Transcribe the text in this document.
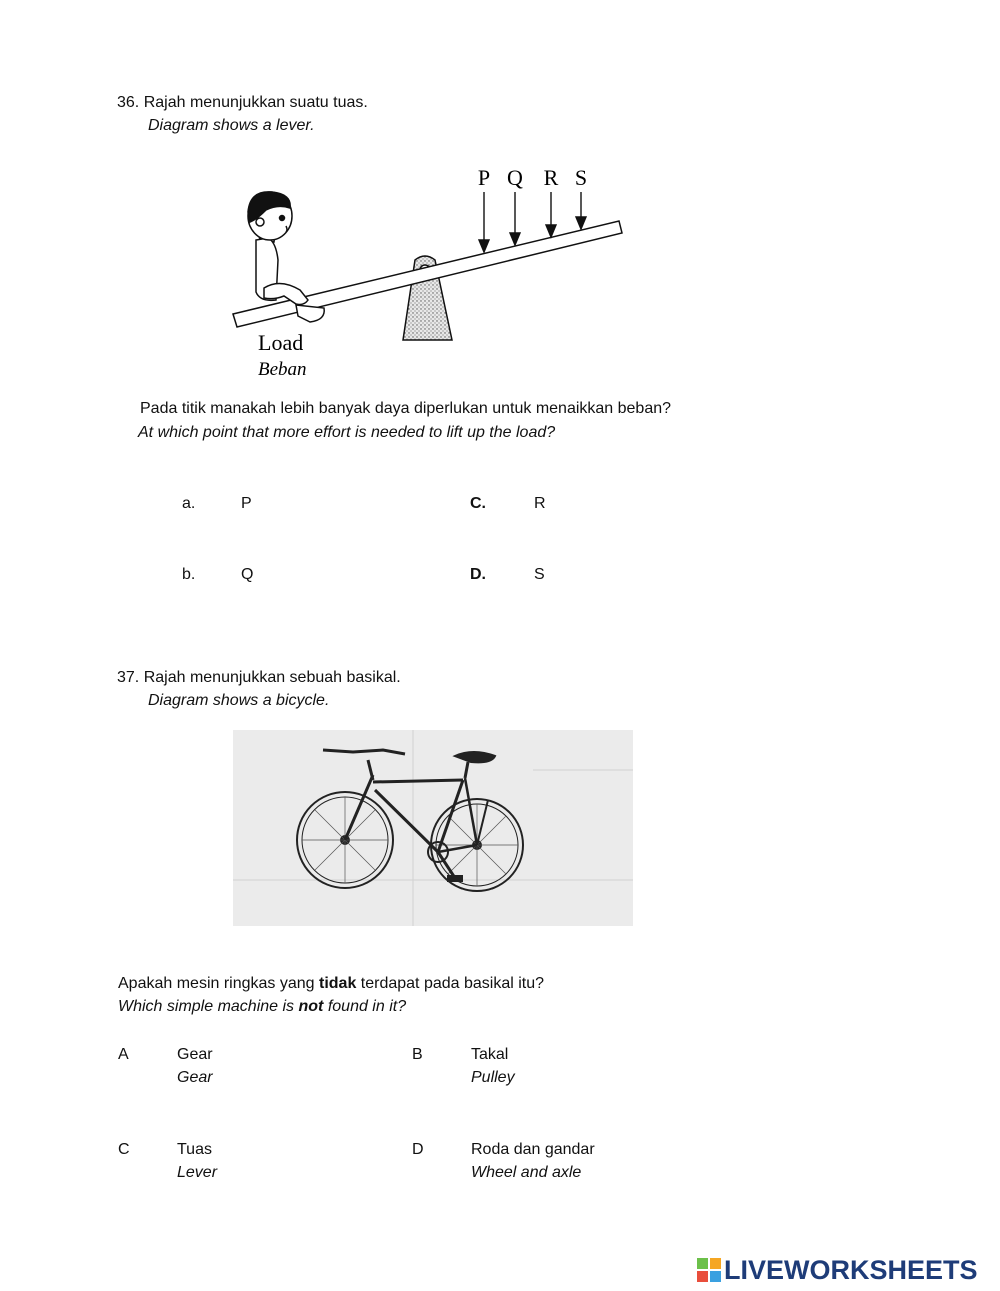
36. Rajah menunjukkan suatu tuas.
Diagram shows a lever.
P Q R S
Load
Beban
Pada titik manakah lebih banyak daya diperlukan untuk menaikkan beban?
At which point that more effort is needed to lift up the load?
a.	P
b.	Q
C.	R
D.	S
37. Rajah menunjukkan sebuah basikal.
Diagram shows a bicycle.
Apakah mesin ringkas yang tidak terdapat pada basikal itu?
Which simple machine is not found in it?
A	Gear
Gear
B	Takal
Pulley
C	Tuas
Lever
D	Roda dan gandar
Wheel and axle
LIVEWORKSHEETS
